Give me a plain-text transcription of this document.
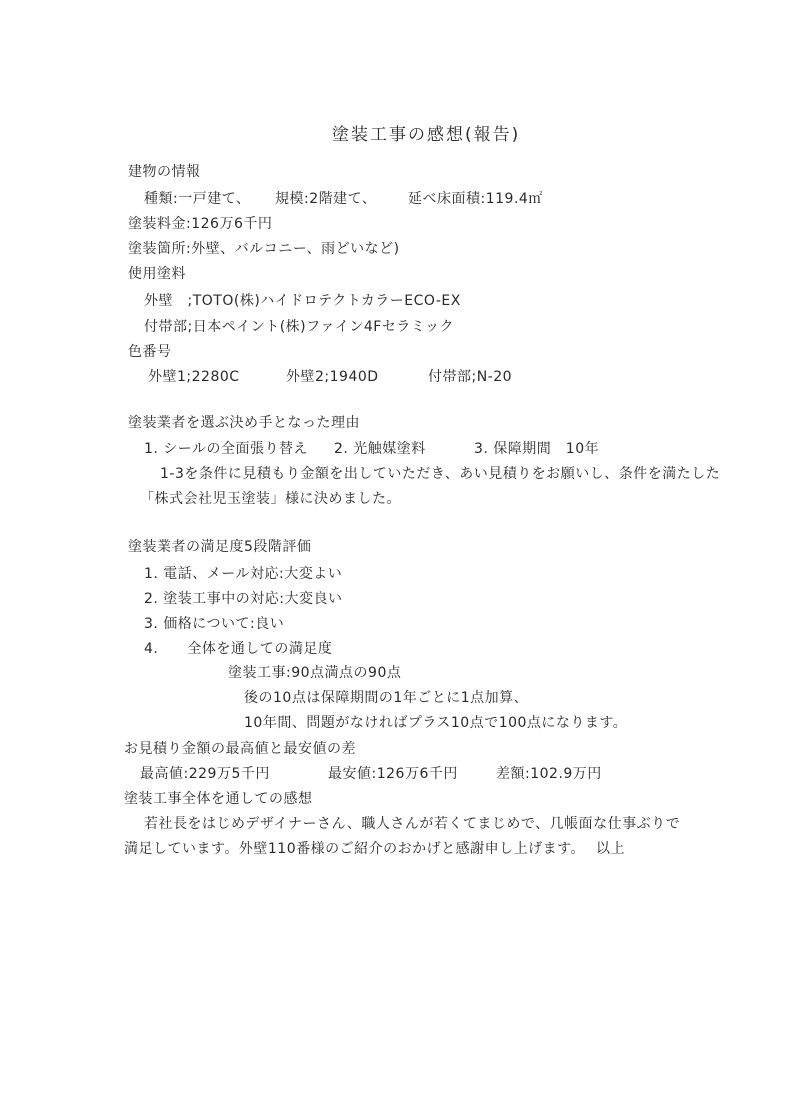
塗装工事の感想(報告)
建物の情報
種類:一戸建て、 規模:2階建て、 延べ床面積:119.4㎡
塗装料金:126万6千円
塗装箇所:外壁、バルコニー、雨どいなど)
使用塗料
外壁　;TOTO(株)ハイドロテクトカラーECO-EX
付帯部;日本ペイント(株)ファイン4Fセラミック
色番号
外壁1;2280C	外壁2;1940D	付帯部;N-20
塗装業者を選ぶ決め手となった理由
1. シールの全面張り替え 2. 光触媒塗料	3. 保障期間　10年
1-3を条件に見積もり金額を出していただき、あい見積りをお願いし、条件を満たした
「株式会社児玉塗装」様に決めました。
塗装業者の満足度5段階評価
1. 電話、メール対応:大変よい
2. 塗装工事中の対応:大変良い
3. 価格について:良い
4.　　全体を通しての満足度
塗装工事:90点満点の90点
後の10点は保障期間の1年ごとに1点加算、
10年間、問題がなければプラス10点で100点になります。
お見積り金額の最高値と最安値の差
最高値:229万5千円	最安値:126万6千円	差額:102.9万円
塗装工事全体を通しての感想
若社長をはじめデザイナーさん、職人さんが若くてまじめで、几帳面な仕事ぶりで
満足しています。外壁110番様のご紹介のおかげと感謝申し上げます。 以上
